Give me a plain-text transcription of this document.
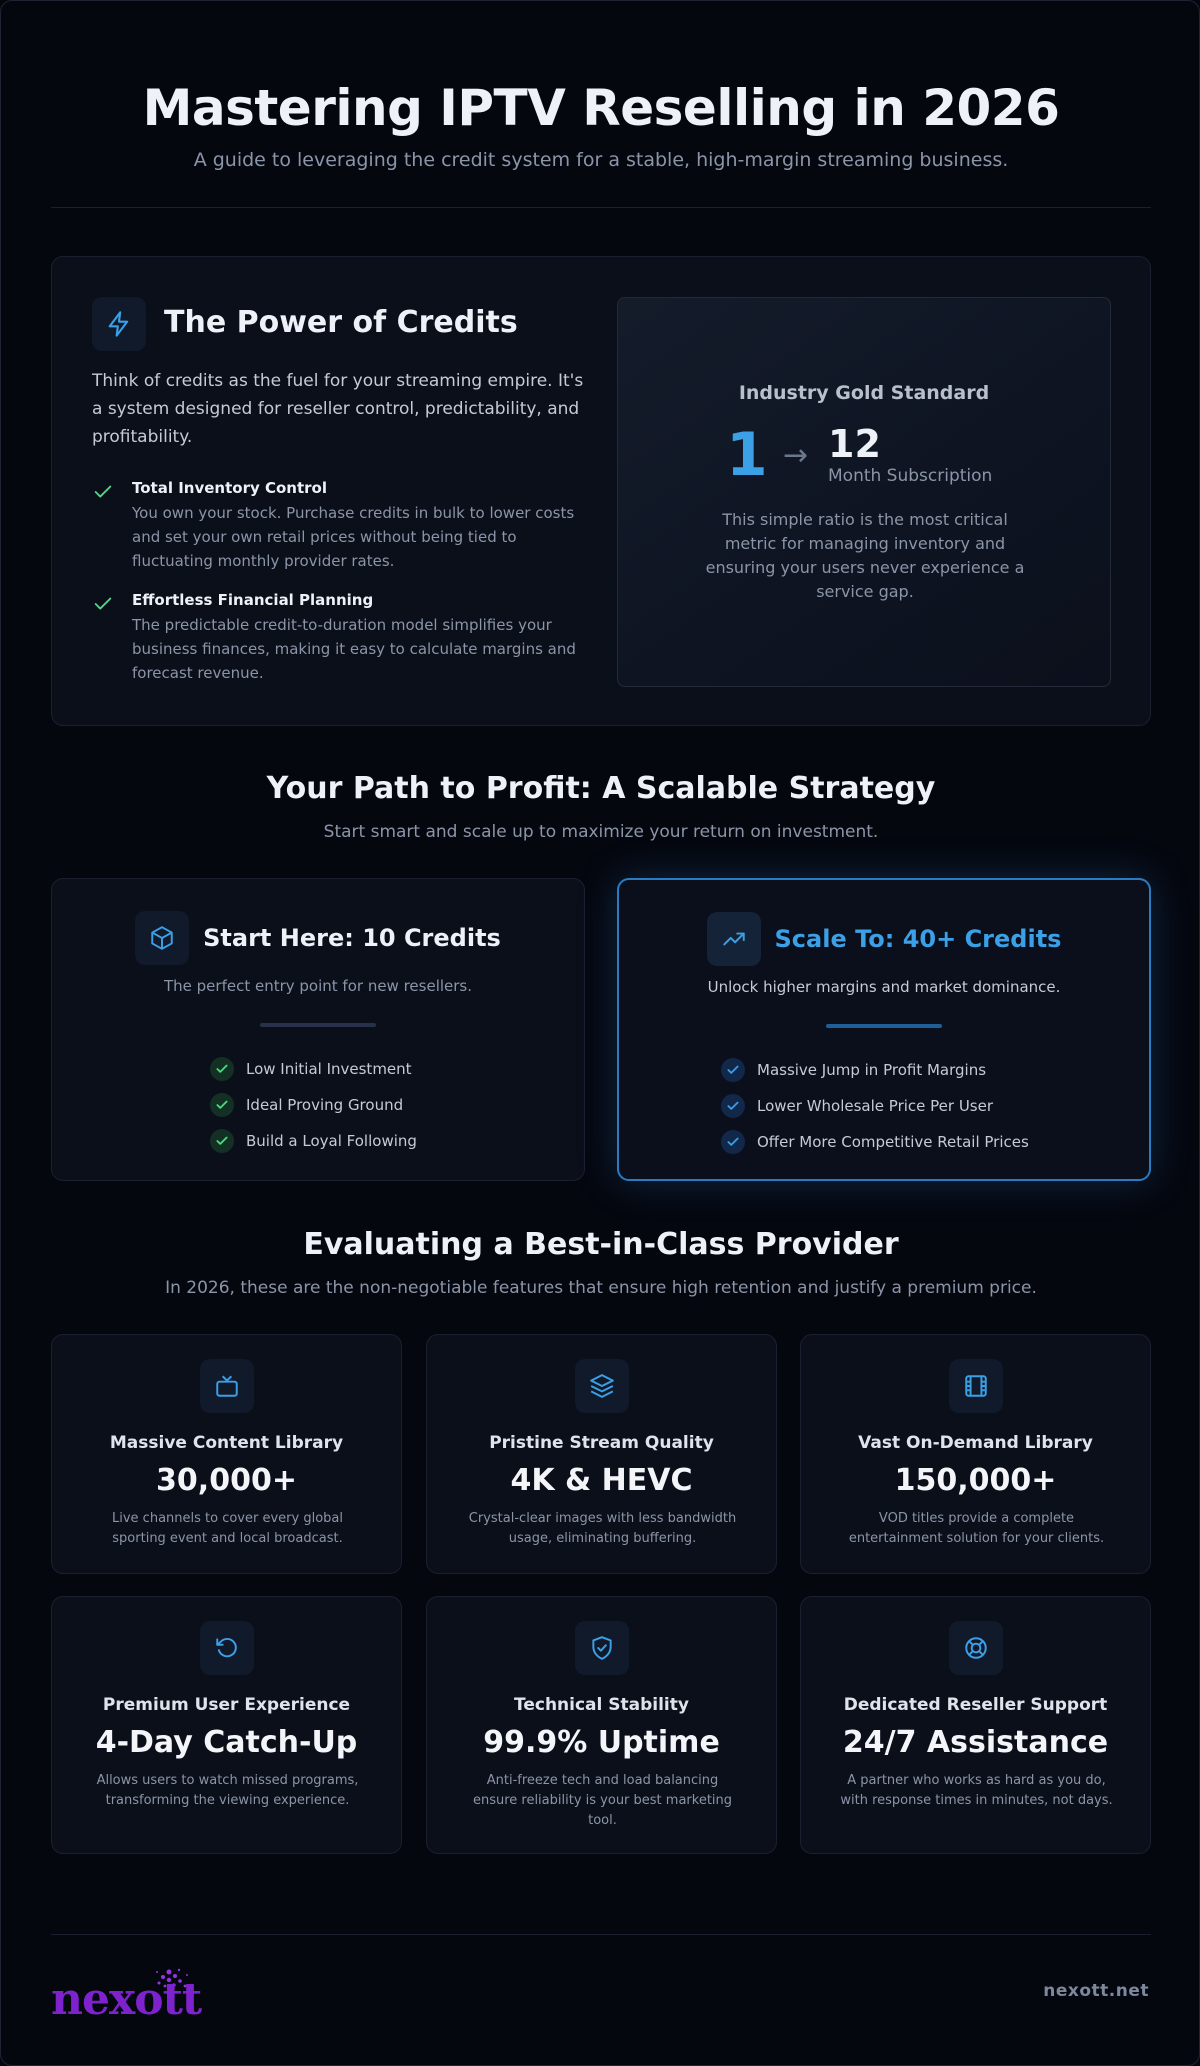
Mastering IPTV Reselling in 2026

A guide to leveraging the credit system for a stable, high-margin streaming business.

The Power of Credits

Think of credits as the fuel for your streaming empire. It's a system designed for reseller control, predictability, and profitability.

Total Inventory Control

You own your stock. Purchase credits in bulk to lower costs and set your own retail prices without being tied to fluctuating monthly provider rates.

Effortless Financial Planning

The predictable credit-to-duration model simplifies your business finances, making it easy to calculate margins and forecast revenue.

Industry Gold Standard
1 → 12
Month Subscription

This simple ratio is the most critical metric for managing inventory and ensuring your users never experience a service gap.

Your Path to Profit: A Scalable Strategy

Start smart and scale up to maximize your return on investment.

Start Here: 10 Credits
The perfect entry point for new resellers.
Low Initial Investment
Ideal Proving Ground
Build a Loyal Following
Scale To: 40+ Credits
Unlock higher margins and market dominance.
Massive Jump in Profit Margins
Lower Wholesale Price Per User
Offer More Competitive Retail Prices
Evaluating a Best-in-Class Provider

In 2026, these are the non-negotiable features that ensure high retention and justify a premium price.

Massive Content Library
30,000+
Live channels to cover every global sporting event and local broadcast.
Pristine Stream Quality
4K & HEVC
Crystal-clear images with less bandwidth usage, eliminating buffering.
Vast On-Demand Library
150,000+
VOD titles provide a complete entertainment solution for your clients.
Premium User Experience
4-Day Catch-Up
Allows users to watch missed programs, transforming the viewing experience.
Technical Stability
99.9% Uptime
Anti-freeze tech and load balancing ensure reliability is your best marketing tool.
Dedicated Reseller Support
24/7 Assistance
A partner who works as hard as you do, with response times in minutes, not days.
nexott	nexott.net
